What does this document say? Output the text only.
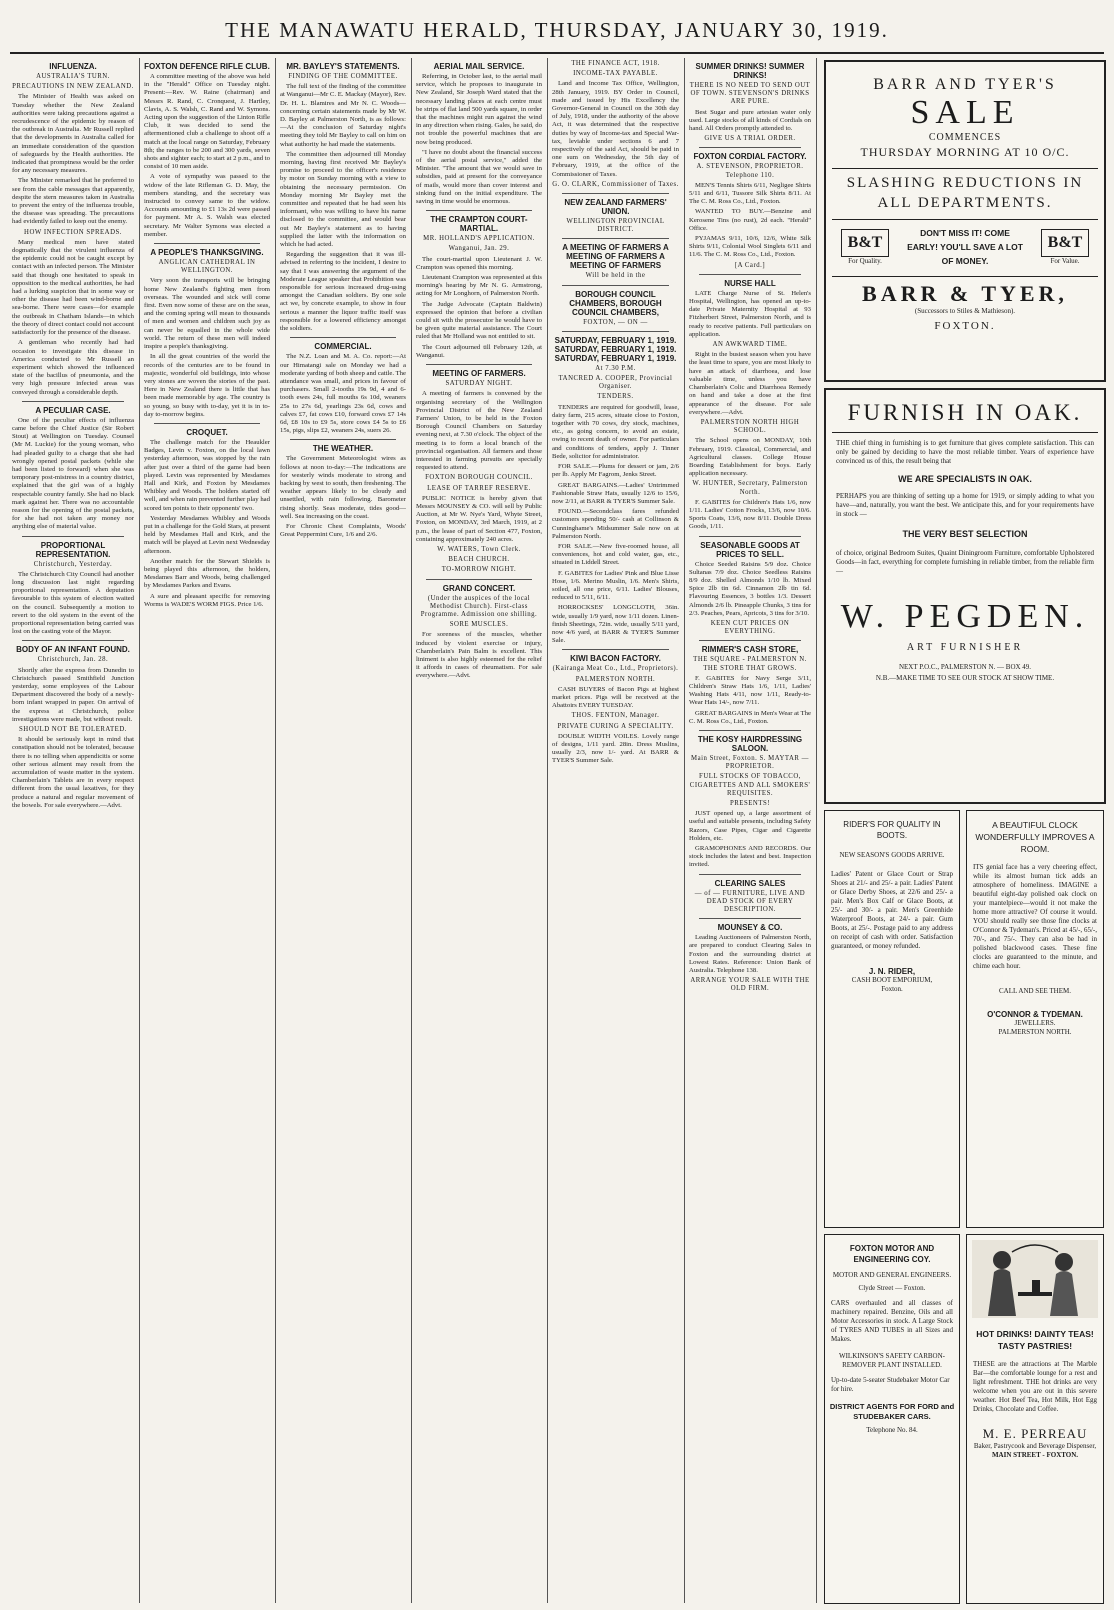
THE MANAWATU HERALD, THURSDAY, JANUARY 30, 1919.
INFLUENZA.
AUSTRALIA'S TURN.
PRECAUTIONS IN NEW ZEALAND.

The Minister of Health was asked on Tuesday whether the New Zealand authorities were taking precautions against a recrudescence of the epidemic by reason of the outbreak in Australia. Mr Russell replied that the developments in Australia called for an immediate consideration of the question of safeguards by the Health authorities. He indicated that promptness would be the order for any necessary measures.

The Minister remarked that he preferred to see from the cable messages that apparently, despite the stern measures taken in Australia to prevent the entry of the influenza trouble, the disease was spreading. The precautions had evidently failed to keep out the enemy.

HOW INFECTION SPREADS.

Many medical men have stated dogmatically that the virulent influenza of the epidemic could not be caught except by contact with an infected person. The Minister said that though one hesitated to speak in opposition to the medical authorities, he had had a lurking suspicion that in some way or other the disease had been wind-borne and sea-borne. There were cases—for example the outbreak in Chatham Islands—in which the theory of direct contact could not account satisfactorily for the presence of the disease.

A gentleman who recently had had occasion to investigate this disease in America conducted to Mr Russell an experiment which showed the influenced state of the bacillus of pneumonia, and the very high pressure infected areas was conveyed through a considerable depth.

A PECULIAR CASE.

One of the peculiar effects of influenza came before the Chief Justice (Sir Robert Stout) at Wellington on Tuesday. Counsel (Mr M. Luckie) for the young woman, who had pleaded guilty to a charge that she had wrongly opened postal packets (while she had been listed to forward) when she was temporary post-mistress in a country district, explained that the girl was of a highly respectable country family. She had no black mark against her. There was no accountable reason for the opening of the postal packets, for she had not taken any money nor anything else of material value.

PROPORTIONAL REPRESENTATION.
Christchurch, Yesterday.

The Christchurch City Council had another long discussion last night regarding proportional representation. A deputation favourable to this system of election waited on the council. Subsequently a motion to revert to the old system in the event of the proportional representation being carried was lost on the casting vote of the Mayor.

BODY OF AN INFANT FOUND.
Christchurch, Jan. 28.

Shortly after the express from Dunedin to Christchurch passed Smithfield Junction yesterday, some employees of the Labour Department discovered the body of a newly-born infant wrapped in paper. On arrival of the express at Christchurch, police investigations were made, but without result.

SHOULD NOT BE TOLERATED.

It should be seriously kept in mind that constipation should not be tolerated, because there is no telling when appendicitis or some other serious ailment may result from the accumulation of waste matter in the system. Chamberlain's Tablets are in every respect different from the usual laxatives, for they produce a natural and regular movement of the bowels. For sale everywhere.—Advt.

FOXTON DEFENCE RIFLE CLUB.

A committee meeting of the above was held in the "Herald" Office on Tuesday night. Present:—Rev. W. Raine (chairman) and Messrs R. Rand, C. Cronquest, J. Hartley, Clavis, A. S. Walsh, C. Rand and W. Symons. Acting upon the suggestion of the Linton Rifle Club, it was decided to send the aftermentioned club a challenge to shoot off a match at the local range on Saturday, February 8th; the ranges to be 200 and 300 yards, seven shots and sighter each; to start at 2 p.m., and to consist of 10 men aside.

A vote of sympathy was passed to the widow of the late Rifleman G. D. May, the members standing, and the secretary was instructed to convey same to the widow. Accounts amounting to £1 13s 2d were passed for payment. Mr A. S. Walsh was elected secretary. Mr Walter Symons was elected a member.

A PEOPLE'S THANKSGIVING.
ANGLICAN CATHEDRAL IN WELLINGTON.

Very soon the transports will be bringing home New Zealand's fighting men from overseas. The wounded and sick will come first. Even now some of these are on the seas, and the coming spring will mean to thousands of men and women and children such joy as can never be equalled in the whole wide world. The return of these men will indeed inspire a people's thanksgiving.

In all the great countries of the world the records of the centuries are to be found in majestic, wonderful old buildings, into whose very stones are woven the stories of the past. Here in New Zealand there is little that has been made memorable by age. The country is so young, so busy with to-day, yet it is in to-day to-morrow begins.

CROQUET.

The challenge match for the Heaukler Badges, Levin v. Foxton, on the local lawn yesterday afternoon, was stopped by the rain after just over a third of the game had been played. Levin was represented by Mesdames Hall and Kirk, and Foxton by Mesdames Whibley and Woods. The holders started off well, and when rain prevented further play had scored ten points to their opponents' two.

Yesterday Mesdames Whibley and Woods put in a challenge for the Gold Stars, at present held by Mesdames Hall and Kirk, and the match will be played at Levin next Wednesday afternoon.

Another match for the Stewart Shields is being played this afternoon, the holders, Mesdames Barr and Woods, being challenged by Mesdames Parkes and Evans.

A sure and pleasant specific for removing Worms is WADE'S WORM FIGS. Price 1/6.

MR. BAYLEY'S STATEMENTS.
FINDING OF THE COMMITTEE.

The full text of the finding of the committee at Wanganui—Mr C. E. Mackay (Mayor), Rev. Dr. H. L. Blamires and Mr N. C. Woods—concerning certain statements made by Mr W. D. Bayley at Palmerston North, is as follows:—At the conclusion of Saturday night's meeting they told Mr Bayley to call on him on what authority he had made the statements.

The committee then adjourned till Monday morning, having first received Mr Bayley's promise to proceed to the officer's residence by motor on Sunday morning with a view to obtaining the necessary permission. On Monday morning Mr Bayley met the committee and repeated that he had seen his informant, who was willing to have his name disclosed to the committee, and would bear out Mr Bayley's statement as to having supplied the latter with the information on which he had acted.

Regarding the suggestion that it was ill-advised in referring to the incident, I desire to say that I was answering the argument of the Moderate League speaker that Prohibition was responsible for serious increased drug-using amongst the Canadian soldiers. By one sole act we, by concrete example, to show in four serious a manner the liquor traffic itself was responsible for a lowered efficiency amongst the soldiers.

COMMERCIAL.

The N.Z. Loan and M. A. Co. report:—At our Himatangi sale on Monday we had a moderate yarding of both sheep and cattle. The attendance was small, and prices in favour of purchasers. Small 2-tooths 19s 9d, 4 and 6-tooth ewes 24s, full mouths 6s 10d, weaners 25s to 27s 6d, yearlings 23s 6d, cows and calves £7, fat cows £10, forward cows £7 14s 6d, £8 10s to £9 5s, store cows £4 5s to £6 15s, pigs, slips £2, weaners 24s, suers 26.

THE WEATHER.

The Government Meteorologist wires as follows at noon to-day:—The indications are for westerly winds moderate to strong and backing by west to south, then freshening. The weather appears likely to be cloudy and unsettled, with rain following. Barometer rising shortly. Seas moderate, tides good—well. Sea increasing on the coast.

For Chronic Chest Complaints, Woods' Great Peppermint Cure, 1/6 and 2/6.

AERIAL MAIL SERVICE.

Referring, in October last, to the aerial mail service, which he proposes to inaugurate in New Zealand, Sir Joseph Ward stated that the necessary landing places at each centre must be strips of flat land 500 yards square, in order that the machines might run against the wind in any direction when rising. Gales, he said, do not trouble the powerful machines that are now being produced.

"I have no doubt about the financial success of the aerial postal service," added the Minister. "The amount that we would save in subsidies, paid at present for the conveyance of mails, would more than cover interest and sinking fund on the initial expenditure. The saving in time would be enormous.

THE CRAMPTON COURT-MARTIAL.
MR. HOLLAND'S APPLICATION.
Wanganui, Jan. 29.

The court-martial upon Lieutenant J. W. Crampton was opened this morning.

Lieutenant Crampton was represented at this morning's hearing by Mr N. G. Armstrong, acting for Mr Longhorn, of Palmerston North.

The Judge Advocate (Captain Baldwin) expressed the opinion that before a civilian could sit with the prosecutor he would have to be given quite material assistance. The Court ruled that Mr Holland was not entitled to sit.

The Court adjourned till February 12th, at Wanganui.

MEETING OF FARMERS.
SATURDAY NIGHT.

A meeting of farmers is convened by the organising secretary of the Wellington Provincial District of the New Zealand Farmers' Union, to be held in the Foxton Borough Council Chambers on Saturday evening next, at 7.30 o'clock. The object of the meeting is to form a local branch of the provincial organisation. All farmers and those interested in farming pursuits are specially requested to attend.

FOXTON BOROUGH COUNCIL.
LEASE OF TARREF RESERVE.

PUBLIC NOTICE is hereby given that Messrs MOUNSEY & CO. will sell by Public Auction, at Mr W. Nye's Yard, Whyte Street, Foxton, on MONDAY, 3rd March, 1919, at 2 p.m., the lease of part of Section 477, Foxton, containing approximately 240 acres.

W. WATERS, Town Clerk.
BEACH CHURCH.
TO-MORROW NIGHT.
GRAND CONCERT.
(Under the auspices of the local Methodist Church). First-class Programme. Admission one shilling.
SORE MUSCLES.

For soreness of the muscles, whether induced by violent exercise or injury, Chamberlain's Pain Balm is excellent. This liniment is also highly esteemed for the relief it affords in cases of rheumatism. For sale everywhere.—Advt.

THE FINANCE ACT, 1918.
INCOME-TAX PAYABLE.

Land and Income Tax Office, Wellington, 28th January, 1919. BY Order in Council, made and issued by His Excellency the Governor-General in Council on the 30th day of July, 1918, under the authority of the above Act, it was determined that the respective duties by way of Income-tax and Special War-tax, leviable under sections 6 and 7 respectively of the said Act, should be paid in one sum on Wednesday, the 5th day of February, 1919, at the office of the Commissioner of Taxes.

G. O. CLARK, Commissioner of Taxes.
NEW ZEALAND FARMERS' UNION.
WELLINGTON PROVINCIAL DISTRICT.
A MEETING OF FARMERS A MEETING OF FARMERS A MEETING OF FARMERS
Will be held in the
BOROUGH COUNCIL CHAMBERS, BOROUGH COUNCIL CHAMBERS,
FOXTON, — ON —
SATURDAY, FEBRUARY 1, 1919. SATURDAY, FEBRUARY 1, 1919. SATURDAY, FEBRUARY 1, 1919.
At 7.30 P.M.
TANCRED A. COOPER, Provincial Organiser.
TENDERS.

TENDERS are required for goodwill, lease, dairy farm, 215 acres, situate close to Foxton, together with 70 cows, dry stock, machines, etc., as going concern, to avoid an estate, owing to recent death of owner. For particulars and conditions of tenders, apply J. Tinner Bede, solicitor for administrator.

FOR SALE.—Plums for dessert or jam, 2/6 per lb. Apply Mr Fagrom, Jenks Street.

GREAT BARGAINS.—Ladies' Untrimmed Fashionable Straw Hats, usually 12/6 to 15/6, now 2/11, at BARR & TYER'S Summer Sale.

FOUND.—Secondclass fares refunded customers spending 50/- cash at Collinson & Cunninghame's Midsummer Sale now on at Palmerston North.

FOR SALE.—New five-roomed house, all conveniences, hot and cold water, gas, etc., situated in Liddell Street.

F. GABITES for Ladies' Pink and Blue Lisse Hose, 1/6. Merino Muslin, 1/6. Men's Shirts, soiled, all one price, 6/11. Ladies' Blouses, reduced to 5/11, 6/11.

HORROCKSES' LONGCLOTH, 36in. wide, usually 1/9 yard, now 1/11 dozen. Linen-finish Sheetings, 72in. wide, usually 5/11 yard, now 4/6 yard, at BARR & TYER'S Summer Sale.

KIWI BACON FACTORY.
(Kairanga Meat Co., Ltd., Proprietors).
PALMERSTON NORTH.

CASH BUYERS of Bacon Pigs at highest market prices. Pigs will be received at the Abattoirs EVERY TUESDAY.

THOS. FENTON, Manager.
PRIVATE CURING A SPECIALITY.

DOUBLE WIDTH VOILES. Lovely range of designs, 1/11 yard. 28in. Dress Muslins, usually 2/3, now 1/- yard. At BARR & TYER'S Summer Sale.

SUMMER DRINKS! SUMMER DRINKS!
THERE IS NO NEED TO SEND OUT OF TOWN. STEVENSON'S DRINKS ARE PURE.

Best Sugar and pure artesian water only used. Large stocks of all kinds of Cordials on hand. All Orders promptly attended to.

GIVE US A TRIAL ORDER.
FOXTON CORDIAL FACTORY.
A. STEVENSON, PROPRIETOR. Telephone 110.

MEN'S Tennis Shirts 6/11, Negligee Shirts 5/11 and 6/11, Tussore Silk Shirts 8/11. At The C. M. Ross Co., Ltd., Foxton.

WANTED TO BUY.—Benzine and Kerosene Tins (no rust), 2d each. "Herald" Office.

PYJAMAS 9/11, 10/6, 12/6, White Silk Shirts 9/11, Colonial Wool Singlets 6/11 and 11/6. The C. M. Ross Co., Ltd., Foxton.

[A Card.]
NURSE HALL

LATE Charge Nurse of St. Helen's Hospital, Wellington, has opened an up-to-date Private Maternity Hospital at 93 Fitzherbert Street, Palmerston North, and is ready to receive patients. Full particulars on application.

AN AWKWARD TIME.

Right in the busiest season when you have the least time to spare, you are most likely to have an attack of diarrhoea, and lose valuable time, unless you have Chamberlain's Colic and Diarrhoea Remedy on hand and take a dose at the first appearance of the disease. For sale everywhere.—Advt.

PALMERSTON NORTH HIGH SCHOOL.

The School opens on MONDAY, 10th February, 1919. Classical, Commercial, and Agricultural classes. College House Boarding Establishment for boys. Early application necessary.

W. HUNTER, Secretary, Palmerston North.

F. GABITES for Children's Hats 1/6, now 1/11. Ladies' Cotton Frocks, 13/6, now 10/6. Sports Coats, 13/6, now 8/11. Double Dress Goods, 1/11.

SEASONABLE GOODS AT PRICES TO SELL.

Choice Seeded Raisins 5/9 doz. Choice Sultanas 7/9 doz. Choice Seedless Raisins 8/9 doz. Shelled Almonds 1/10 lb. Mixed Spice 2lb tin 6d. Cinnamon 2lb tin 6d. Flavouring Essences, 3 bottles 1/3. Dessert Almonds 2/6 lb. Pineapple Chunks, 3 tins for 2/3. Peaches, Pears, Apricots, 3 tins for 3/10.

KEEN CUT PRICES ON EVERYTHING.
RIMMER'S CASH STORE,
THE SQUARE - PALMERSTON N. THE STORE THAT GROWS.

F. GABITES for Navy Serge 3/11, Children's Straw Hats 1/6, 1/11, Ladies' Washing Hats 4/11, now 1/11, Ready-to-Wear Hats 14/-, now 7/11.

GREAT BARGAINS in Men's Wear at The C. M. Ross Co., Ltd., Foxton.

THE KOSY HAIRDRESSING SALOON.
Main Street, Foxton. S. MAYTAR — PROPRIETOR.
FULL STOCKS OF TOBACCO, CIGARETTES AND ALL SMOKERS' REQUISITES.
PRESENTS!

JUST opened up, a large assortment of useful and suitable presents, including Safety Razors, Case Pipes, Cigar and Cigarette Holders, etc.

GRAMOPHONES AND RECORDS. Our stock includes the latest and best. Inspection invited.

CLEARING SALES
— of — FURNITURE, LIVE AND DEAD STOCK OF EVERY DESCRIPTION.
MOUNSEY & CO.

Leading Auctioneers of Palmerston North, are prepared to conduct Clearing Sales in Foxton and the surrounding district at Lowest Rates. Reference: Union Bank of Australia. Telephone 138.

ARRANGE YOUR SALE WITH THE OLD FIRM.
BARR AND TYER'S
SALE
COMMENCES
THURSDAY MORNING AT 10 O/C.
SLASHING REDUCTIONS IN ALL DEPARTMENTS.
B&T
For Quality.
DON'T MISS IT! COME EARLY! YOU'LL SAVE A LOT OF MONEY.
B&T
For Value.
BARR & TYER,
(Successors to Stiles & Mathieson).
FOXTON.
FURNISH IN OAK.
THE chief thing in furnishing is to get furniture that gives complete satisfaction. This can only be gained by deciding to have the most reliable timber. Years of experience have convinced us of this, the result being that
WE ARE SPECIALISTS IN OAK.
PERHAPS you are thinking of setting up a home for 1919, or simply adding to what you have—and, naturally, you want the best. We anticipate this, and for your requirements have in stock —
THE VERY BEST SELECTION
of choice, original Bedroom Suites, Quaint Diningroom Furniture, comfortable Upholstered Goods—in fact, everything for complete furnishing in reliable timber, from the reliable firm —
W. PEGDEN.
ART FURNISHER
NEXT P.O.C., PALMERSTON N. — BOX 49.
N.B.—MAKE TIME TO SEE OUR STOCK AT SHOW TIME.
RIDER'S FOR QUALITY IN BOOTS.
NEW SEASON'S GOODS ARRIVE.
Ladies' Patent or Glace Court or Strap Shoes at 21/- and 25/- a pair. Ladies' Patent or Glace Derby Shoes, at 22/6 and 25/- a pair. Men's Box Calf or Glace Boots, at 25/- and 30/- a pair. Men's Greenhide Waterproof Boots, at 24/- a pair. Gum Boots, at 25/-. Postage paid to any address on receipt of cash with order. Satisfaction guaranteed, or money refunded.
J. N. RIDER,
CASH BOOT EMPORIUM,
Foxton.
A BEAUTIFUL CLOCK WONDERFULLY IMPROVES A ROOM.
ITS genial face has a very cheering effect, while its almost human tick adds an atmosphere of homeliness. IMAGINE a beautiful eight-day polished oak clock on your mantelpiece—would it not make the home more attractive? Of course it would. YOU should really see those fine clocks at O'Connor & Tydeman's. Priced at 45/-, 65/-, 70/-, and 75/-. They can also be had in polished blackwood cases. These fine clocks are guaranteed to the minute, and chime each hour.
CALL AND SEE THEM.
O'CONNOR & TYDEMAN.
JEWELLERS.
PALMERSTON NORTH.
FOXTON MOTOR AND ENGINEERING COY.
MOTOR AND GENERAL ENGINEERS.
Clyde Street — Foxton.
CARS overhauled and all classes of machinery repaired. Benzine, Oils and all Motor Accessories in stock. A Large Stock of TYRES AND TUBES in all Sizes and Makes.
WILKINSON'S SAFETY CARBON-REMOVER PLANT INSTALLED.
Up-to-date 5-seater Studebaker Motor Car for hire.
DISTRICT AGENTS FOR FORD and STUDEBAKER CARS.
Telephone No. 84.
HOT DRINKS! DAINTY TEAS! TASTY PASTRIES!
THESE are the attractions at The Marble Bar—the comfortable lounge for a rest and light refreshment. THE hot drinks are very welcome when you are out in this severe weather. Hot Beef Tea, Hot Milk, Hot Egg Drinks, Chocolate and Coffee.
M. E. PERREAU
Baker, Pastrycook and Beverage Dispenser,
MAIN STREET - FOXTON.
